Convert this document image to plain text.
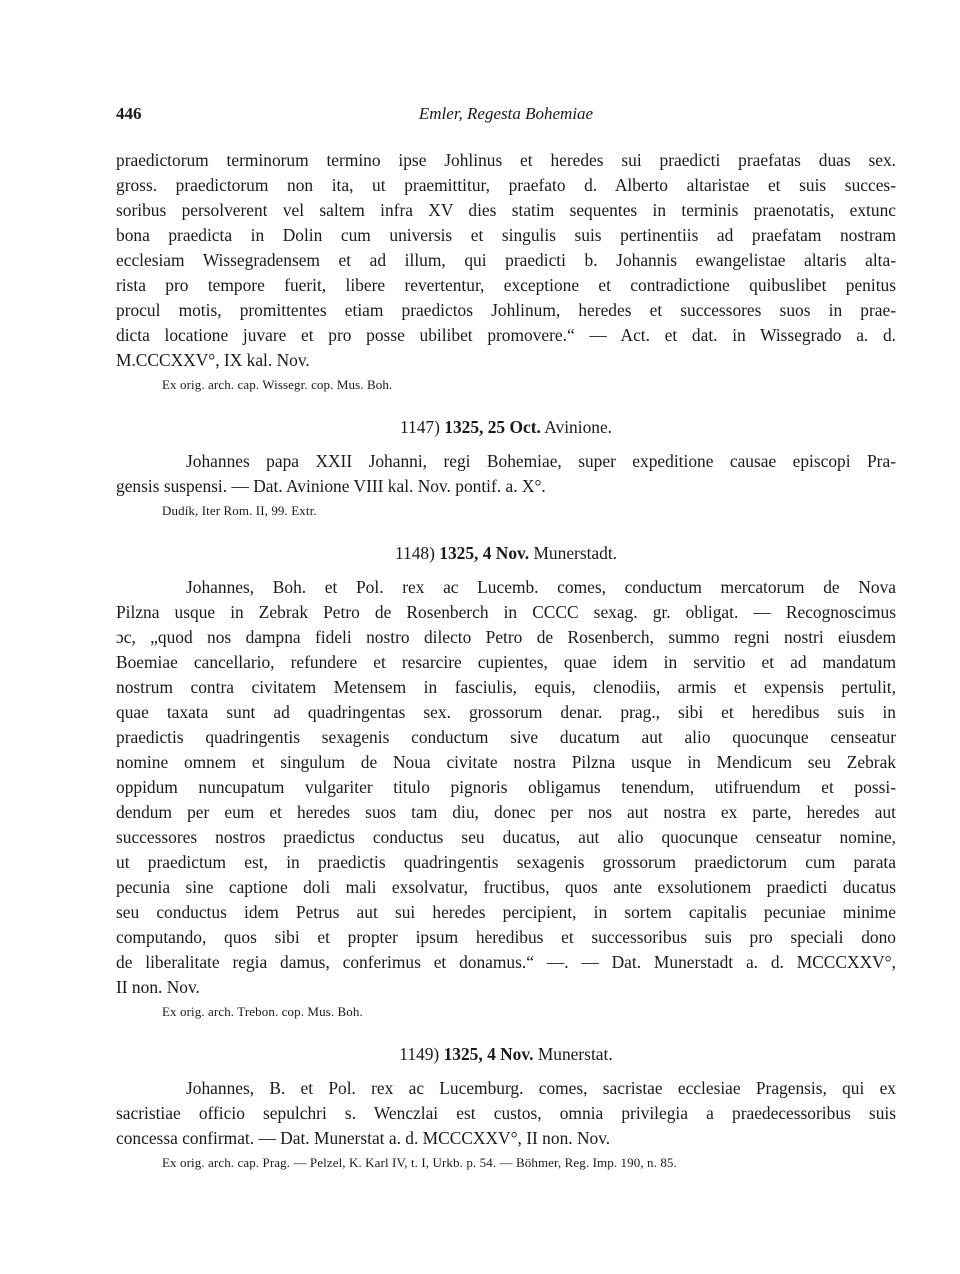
446	Emler, Regesta Bohemiae
praedictorum terminorum termino ipse Johlinus et heredes sui praedicti praefatas duas sex.
gross. praedictorum non ita, ut praemittitur, praefato d. Alberto altaristae et suis succes-
soribus persolverent vel saltem infra XV dies statim sequentes in terminis praenotatis, extunc
bona praedicta in Dolin cum universis et singulis suis pertinentiis ad praefatam nostram
ecclesiam Wissegradensem et ad illum, qui praedicti b. Johannis ewangelistae altaris alta-
rista pro tempore fuerit, libere revertentur, exceptione et contradictione quibuslibet penitus
procul motis, promittentes etiam praedictos Johlinum, heredes et successores suos in prae-
dicta locatione juvare et pro posse ubilibet promovere.“ — Act. et dat. in Wissegrado a. d.
M.CCCXXV°, IX kal. Nov.
Ex orig. arch. cap. Wissegr. cop. Mus. Boh.
1147) 1325, 25 Oct. Avinione.
Johannes papa XXII Johanni, regi Bohemiae, super expeditione causae episcopi Pra-
gensis suspensi. — Dat. Avinione VIII kal. Nov. pontif. a. X°.
Dudík, Iter Rom. II, 99. Extr.
1148) 1325, 4 Nov. Munerstadt.
Johannes, Boh. et Pol. rex ac Lucemb. comes, conductum mercatorum de Nova
Pilzna usque in Zebrak Petro de Rosenberch in CCCC sexag. gr. obligat. — Recognoscimus
ɔc, „quod nos dampna fideli nostro dilecto Petro de Rosenberch, summo regni nostri eiusdem
Boemiae cancellario, refundere et resarcire cupientes, quae idem in servitio et ad mandatum
nostrum contra civitatem Metensem in fasciulis, equis, clenodiis, armis et expensis pertulit,
quae taxata sunt ad quadringentas sex. grossorum denar. prag., sibi et heredibus suis in
praedictis quadringentis sexagenis conductum sive ducatum aut alio quocunque censeatur
nomine omnem et singulum de Noua civitate nostra Pilzna usque in Mendicum seu Zebrak
oppidum nuncupatum vulgariter titulo pignoris obligamus tenendum, utifruendum et possi-
dendum per eum et heredes suos tam diu, donec per nos aut nostra ex parte, heredes aut
successores nostros praedictus conductus seu ducatus, aut alio quocunque censeatur nomine,
ut praedictum est, in praedictis quadringentis sexagenis grossorum praedictorum cum parata
pecunia sine captione doli mali exsolvatur, fructibus, quos ante exsolutionem praedicti ducatus
seu conductus idem Petrus aut sui heredes percipient, in sortem capitalis pecuniae minime
computando, quos sibi et propter ipsum heredibus et successoribus suis pro speciali dono
de liberalitate regia damus, conferimus et donamus.“ —. — Dat. Munerstadt a. d. MCCCXXV°,
II non. Nov.
Ex orig. arch. Trebon. cop. Mus. Boh.
1149) 1325, 4 Nov. Munerstat.
Johannes, B. et Pol. rex ac Lucemburg. comes, sacristae ecclesiae Pragensis, qui ex
sacristiae officio sepulchri s. Wenczlai est custos, omnia privilegia a praedecessoribus suis
concessa confirmat. — Dat. Munerstat a. d. MCCCXXV°, II non. Nov.
Ex orig. arch. cap. Prag. — Pelzel, K. Karl IV, t. I, Urkb. p. 54. — Böhmer, Reg. Imp. 190, n. 85.
